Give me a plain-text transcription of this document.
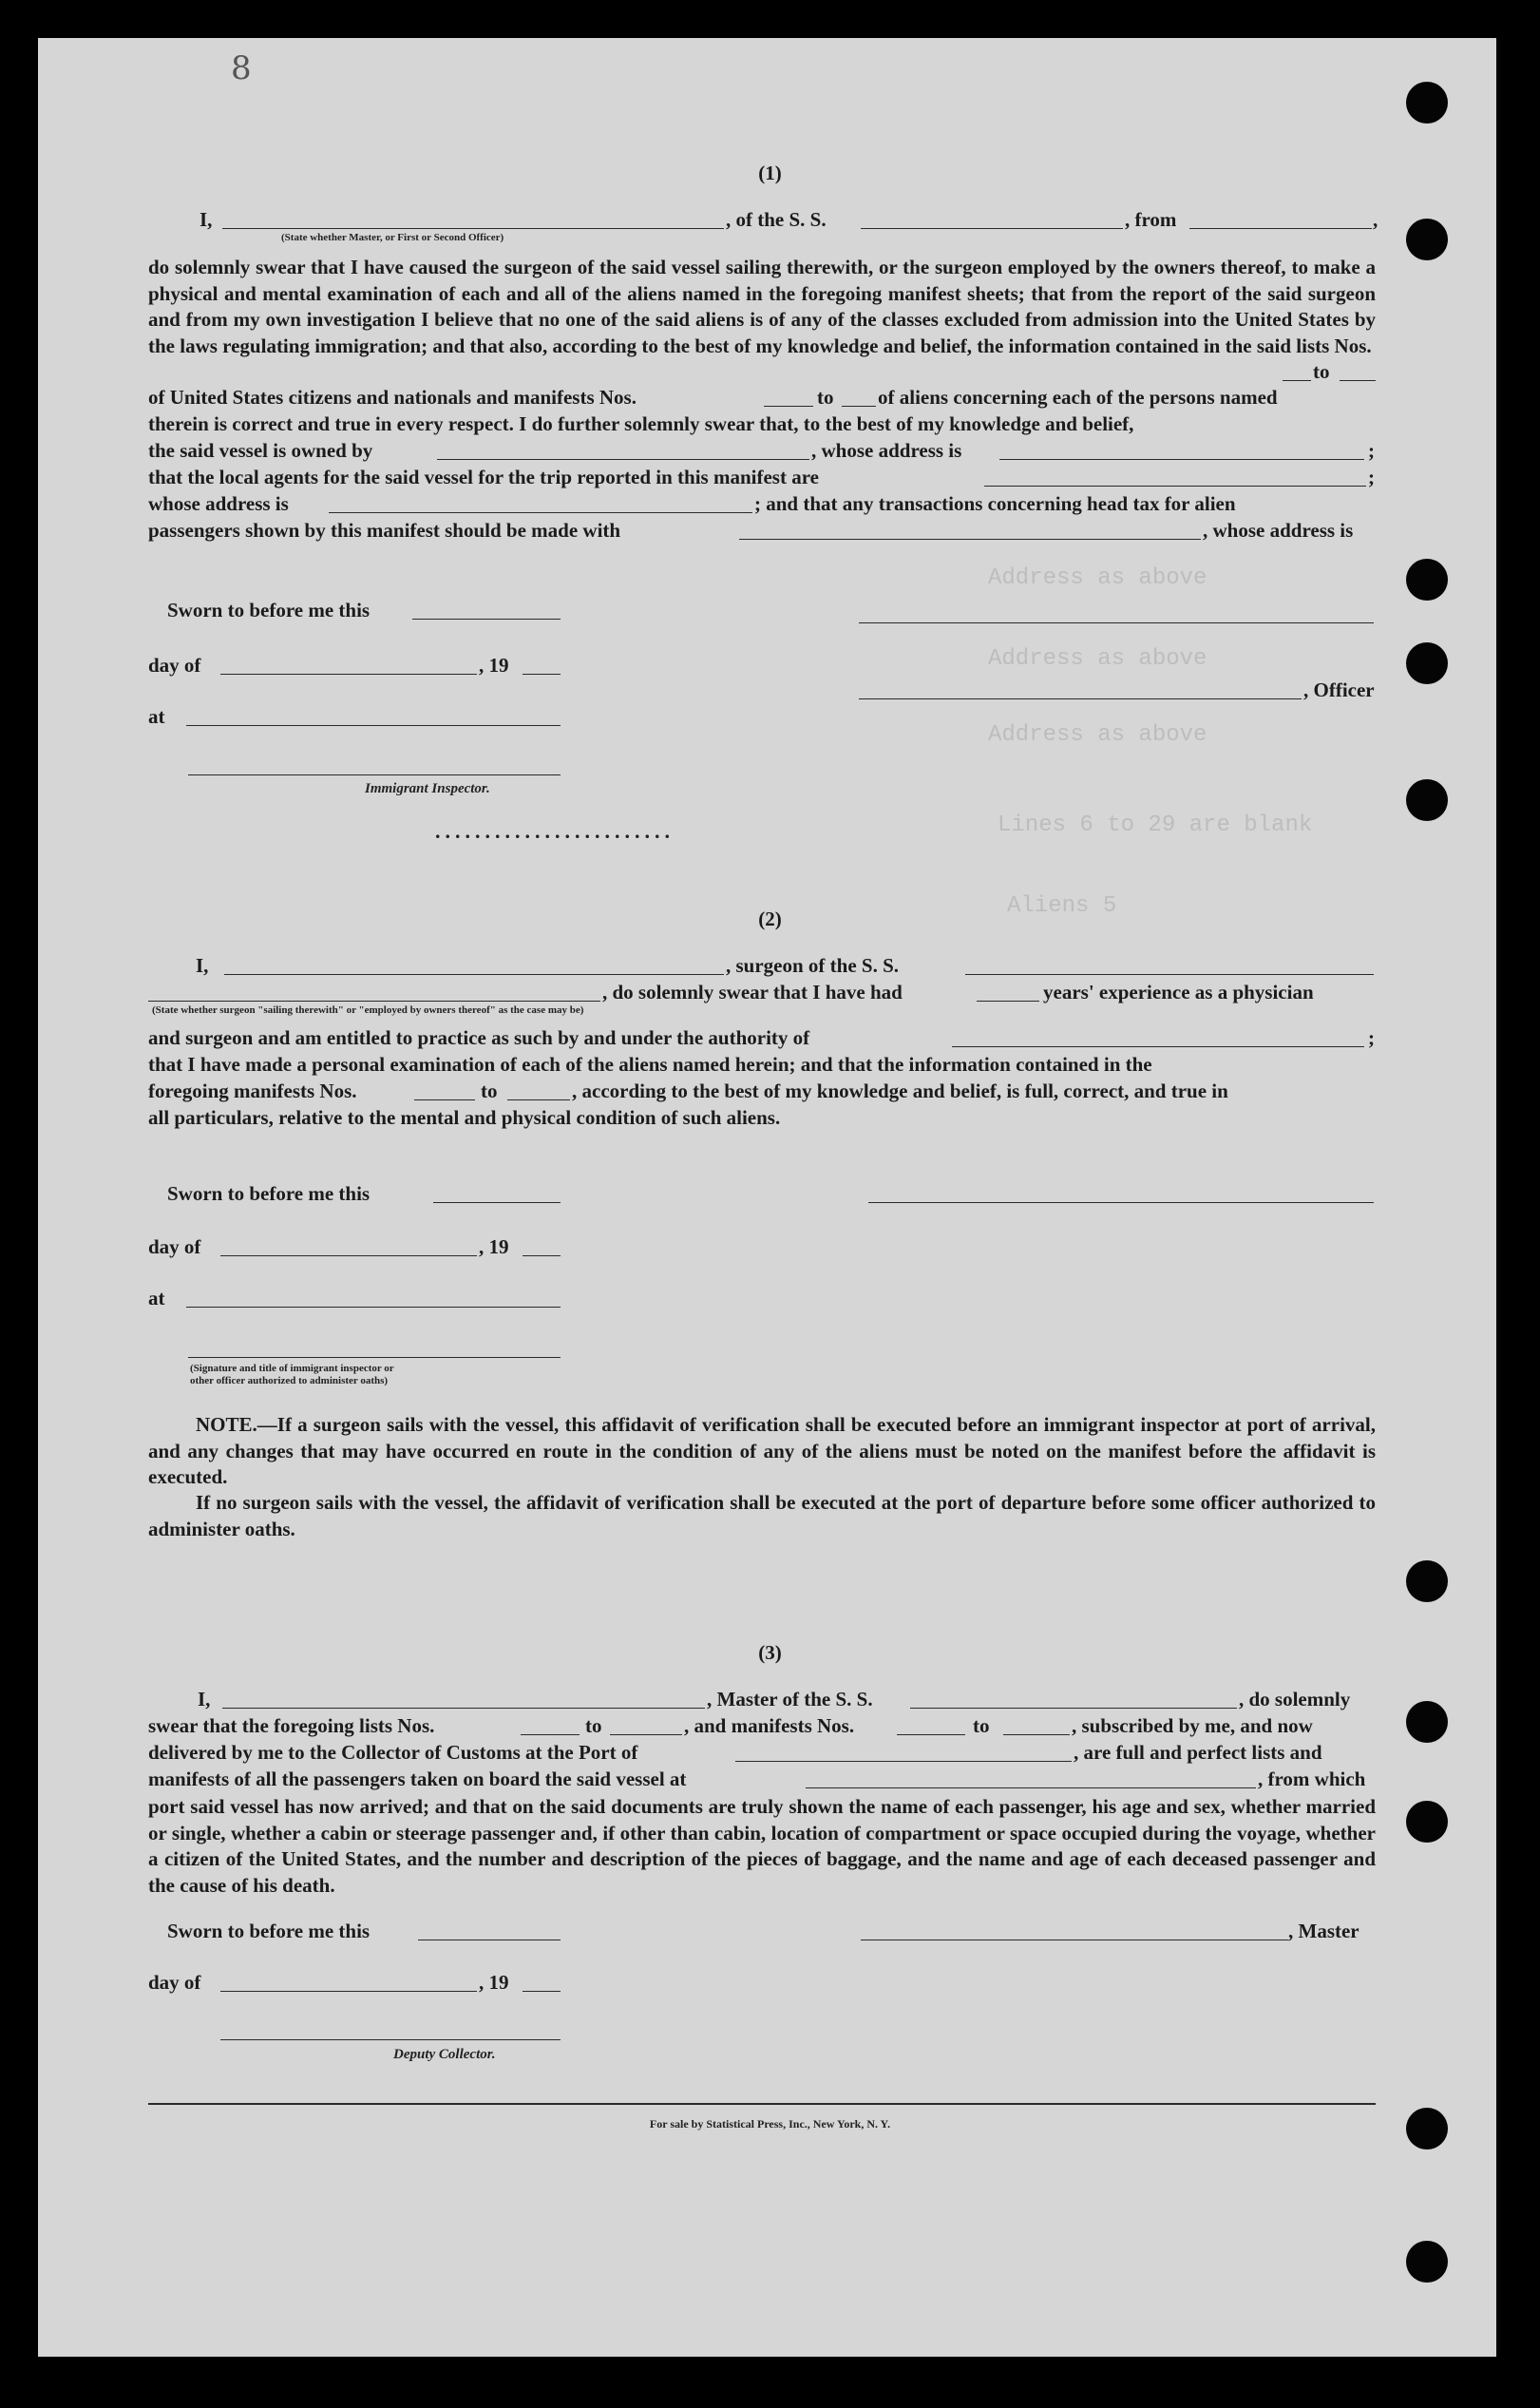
Address as above
Address as above
Address as above
Lines 6 to 29 are blank
Aliens 5
8
(1)
I,	, of the S. S.	, from	,
(State whether Master, or First or Second Officer)
do solemnly swear that I have caused the surgeon of the said vessel sailing therewith, or the surgeon employed by the owners thereof, to make a physical and mental examination of each and all of the aliens named in the foregoing manifest sheets; that from the report of the said surgeon and from my own investigation I believe that no one of the said aliens is of any of the classes excluded from admission into the United States by the laws regulating immigration; and that also, according to the best of my knowledge and belief, the information contained in the said lists Nos.
to
of United States citizens and nationals and manifests Nos.	to of aliens concerning each of the persons named
therein is correct and true in every respect. I do further solemnly swear that, to the best of my knowledge and belief,
the said vessel is owned by	, whose address is	;
that the local agents for the said vessel for the trip reported in this manifest are	;
whose address is	; and that any transactions concerning head tax for alien
passengers shown by this manifest should be made with	, whose address is
Sworn to before me this
day of	, 19
, Officer
at
Immigrant Inspector.
........................
(2)
I,	, surgeon of the S. S.
, do solemnly swear that I have had	years' experience as a physician
(State whether surgeon "sailing therewith" or "employed by owners thereof" as the case may be)
and surgeon and am entitled to practice as such by and under the authority of	;
that I have made a personal examination of each of the aliens named herein; and that the information contained in the
foregoing manifests Nos.	to	, according to the best of my knowledge and belief, is full, correct, and true in
all particulars, relative to the mental and physical condition of such aliens.
Sworn to before me this
day of	, 19
at
(Signature and title of immigrant inspector or
other officer authorized to administer oaths)
NOTE.—If a surgeon sails with the vessel, this affidavit of verification shall be executed before an immigrant inspector at port of arrival, and any changes that may have occurred en route in the condition of any of the aliens must be noted on the manifest before the affidavit is executed.
If no surgeon sails with the vessel, the affidavit of verification shall be executed at the port of departure before some officer authorized to administer oaths.
(3)
I,	, Master of the S. S.	, do solemnly
swear that the foregoing lists Nos.	to	, and manifests Nos.	to	, subscribed by me, and now
delivered by me to the Collector of Customs at the Port of	, are full and perfect lists and
manifests of all the passengers taken on board the said vessel at	, from which
port said vessel has now arrived; and that on the said documents are truly shown the name of each passenger, his age and sex, whether married or single, whether a cabin or steerage passenger and, if other than cabin, location of compartment or space occupied during the voyage, whether a citizen of the United States, and the number and description of the pieces of baggage, and the name and age of each deceased passenger and the cause of his death.
Sworn to before me this	, Master
day of	, 19
Deputy Collector.
For sale by Statistical Press, Inc., New York, N. Y.
